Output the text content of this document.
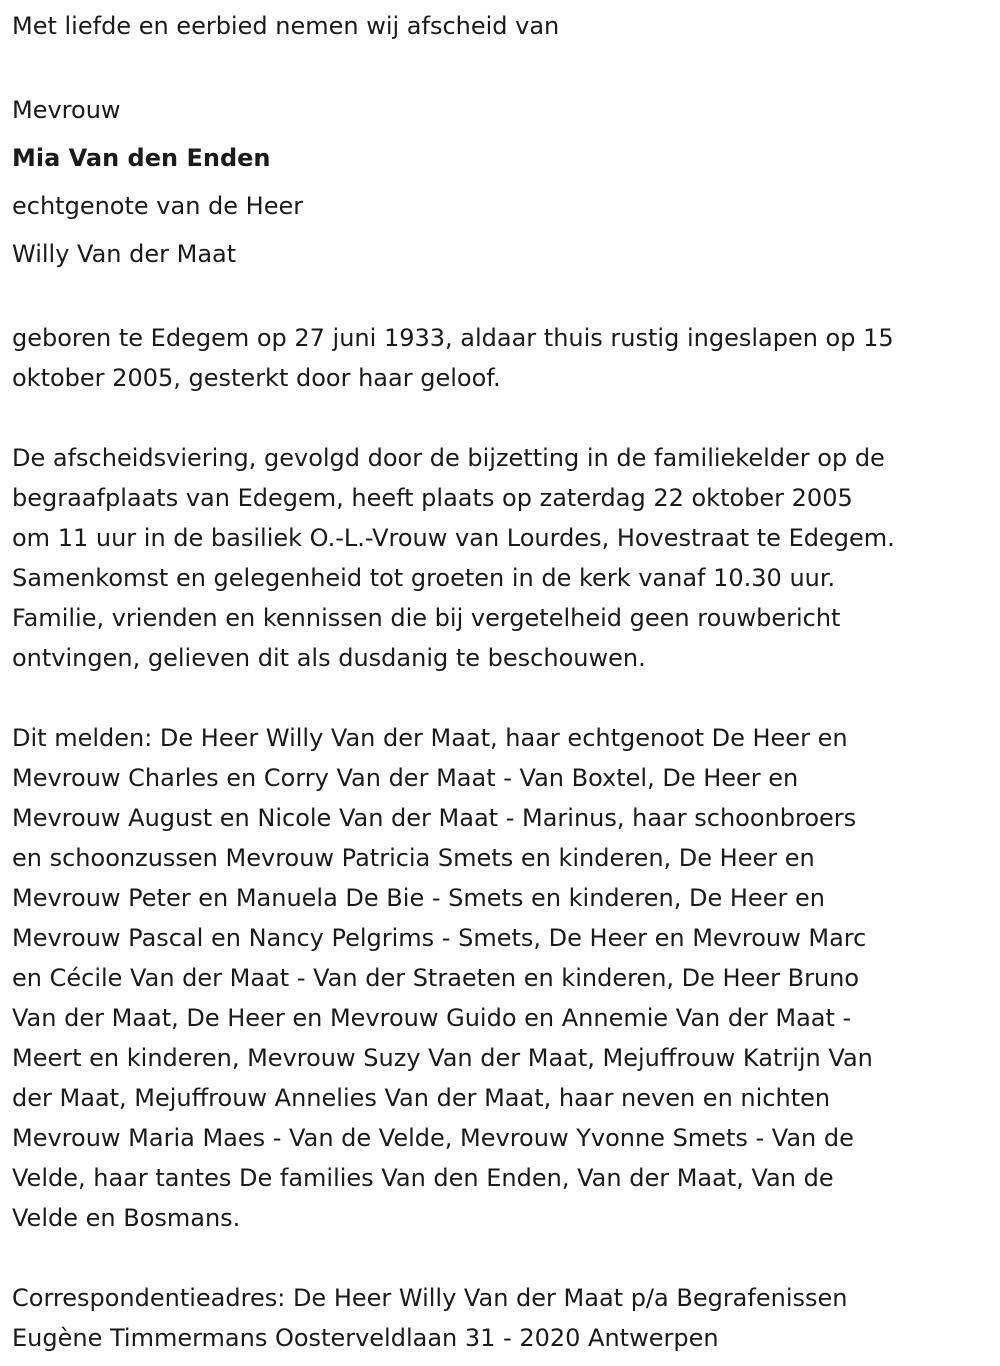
Met liefde en eerbied nemen wij afscheid van

Mevrouw

Mia Van den Enden

echtgenote van de Heer

Willy Van der Maat

geboren te Edegem op 27 juni 1933, aldaar thuis rustig ingeslapen op 15

oktober 2005, gesterkt door haar geloof.

De afscheidsviering, gevolgd door de bijzetting in de familiekelder op de

begraafplaats van Edegem, heeft plaats op zaterdag 22 oktober 2005

om 11 uur in de basiliek O.-L.-Vrouw van Lourdes, Hovestraat te Edegem.

Samenkomst en gelegenheid tot groeten in de kerk vanaf 10.30 uur.

Familie, vrienden en kennissen die bij vergetelheid geen rouwbericht

ontvingen, gelieven dit als dusdanig te beschouwen.

Dit melden: De Heer Willy Van der Maat, haar echtgenoot De Heer en

Mevrouw Charles en Corry Van der Maat - Van Boxtel, De Heer en

Mevrouw August en Nicole Van der Maat - Marinus, haar schoonbroers

en schoonzussen Mevrouw Patricia Smets en kinderen, De Heer en

Mevrouw Peter en Manuela De Bie - Smets en kinderen, De Heer en

Mevrouw Pascal en Nancy Pelgrims - Smets, De Heer en Mevrouw Marc

en Cécile Van der Maat - Van der Straeten en kinderen, De Heer Bruno

Van der Maat, De Heer en Mevrouw Guido en Annemie Van der Maat -

Meert en kinderen, Mevrouw Suzy Van der Maat, Mejuffrouw Katrijn Van

der Maat, Mejuffrouw Annelies Van der Maat, haar neven en nichten

Mevrouw Maria Maes - Van de Velde, Mevrouw Yvonne Smets - Van de

Velde, haar tantes De families Van den Enden, Van der Maat, Van de

Velde en Bosmans.

Correspondentieadres: De Heer Willy Van der Maat p/a Begrafenissen

Eugène Timmermans Oosterveldlaan 31 - 2020 Antwerpen
